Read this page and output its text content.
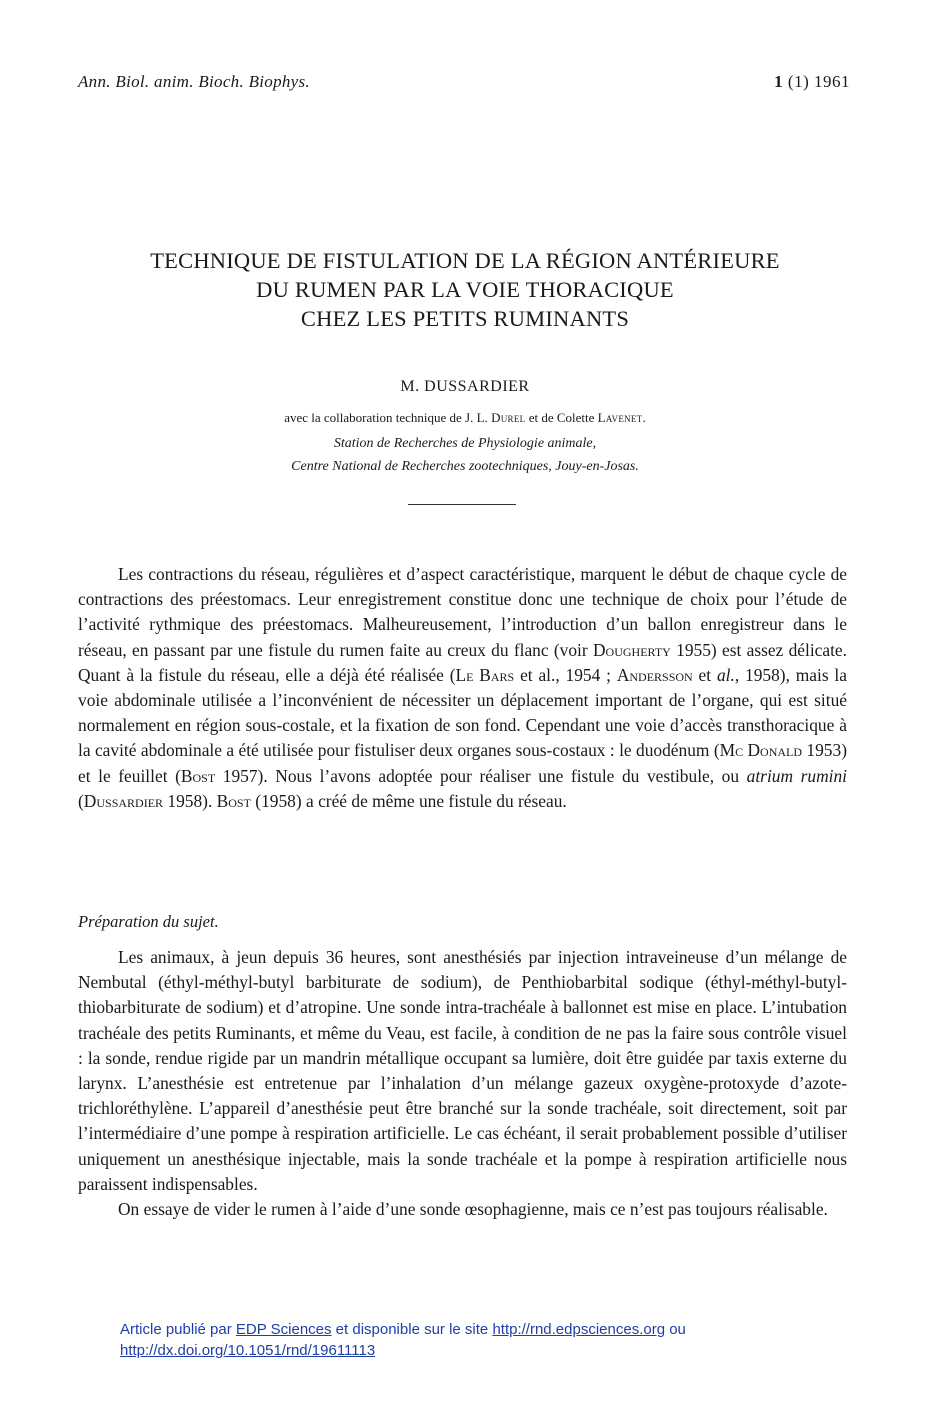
Ann. Biol. anim. Bioch. Biophys.	1 (1) 1961
TECHNIQUE DE FISTULATION DE LA RÉGION ANTÉRIEURE
DU RUMEN PAR LA VOIE THORACIQUE
CHEZ LES PETITS RUMINANTS
M. DUSSARDIER
avec la collaboration technique de J. L. Durel et de Colette Lavenet.
Station de Recherches de Physiologie animale,
Centre National de Recherches zootechniques, Jouy-en-Josas.

Les contractions du réseau, régulières et d’aspect caractéristique, marquent le début de chaque cycle de contractions des préestomacs. Leur enregistrement constitue donc une technique de choix pour l’étude de l’activité rythmique des préestomacs. Malheureusement, l’introduction d’un ballon enregistreur dans le réseau, en passant par une fistule du rumen faite au creux du flanc (voir Dougherty 1955) est assez délicate. Quant à la fistule du réseau, elle a déjà été réalisée (Le Bars et al., 1954 ; Andersson et al., 1958), mais la voie abdominale utilisée a l’inconvénient de nécessiter un déplacement important de l’organe, qui est situé normalement en région sous-costale, et la fixation de son fond. Cependant une voie d’accès transthoracique à la cavité abdominale a été utilisée pour fistuliser deux organes sous-costaux : le duodénum (Mc Donald 1953) et le feuillet (Bost 1957). Nous l’avons adoptée pour réaliser une fistule du vestibule, ou atrium rumini (Dussardier 1958). Bost (1958) a créé de même une fistule du réseau.

Préparation du sujet.

Les animaux, à jeun depuis 36 heures, sont anesthésiés par injection intraveineuse d’un mélange de Nembutal (éthyl-méthyl-butyl barbiturate de sodium), de Penthiobarbital sodique (éthyl-méthyl-butyl-thiobarbiturate de sodium) et d’atropine. Une sonde intra-trachéale à ballonnet est mise en place. L’intubation trachéale des petits Ruminants, et même du Veau, est facile, à condition de ne pas la faire sous contrôle visuel : la sonde, rendue rigide par un mandrin métallique occupant sa lumière, doit être guidée par taxis externe du larynx. L’anesthésie est entretenue par l’inhalation d’un mélange gazeux oxygène-protoxyde d’azote-trichloréthylène. L’appareil d’anesthésie peut être branché sur la sonde trachéale, soit directement, soit par l’intermédiaire d’une pompe à respiration artificielle. Le cas échéant, il serait probablement possible d’utiliser uniquement un anesthésique injectable, mais la sonde trachéale et la pompe à respiration artificielle nous paraissent indispensables.

On essaye de vider le rumen à l’aide d’une sonde œsophagienne, mais ce n’est pas toujours réalisable.

Article publié par EDP Sciences et disponible sur le site http://rnd.edpsciences.org ou
http://dx.doi.org/10.1051/rnd/19611113
